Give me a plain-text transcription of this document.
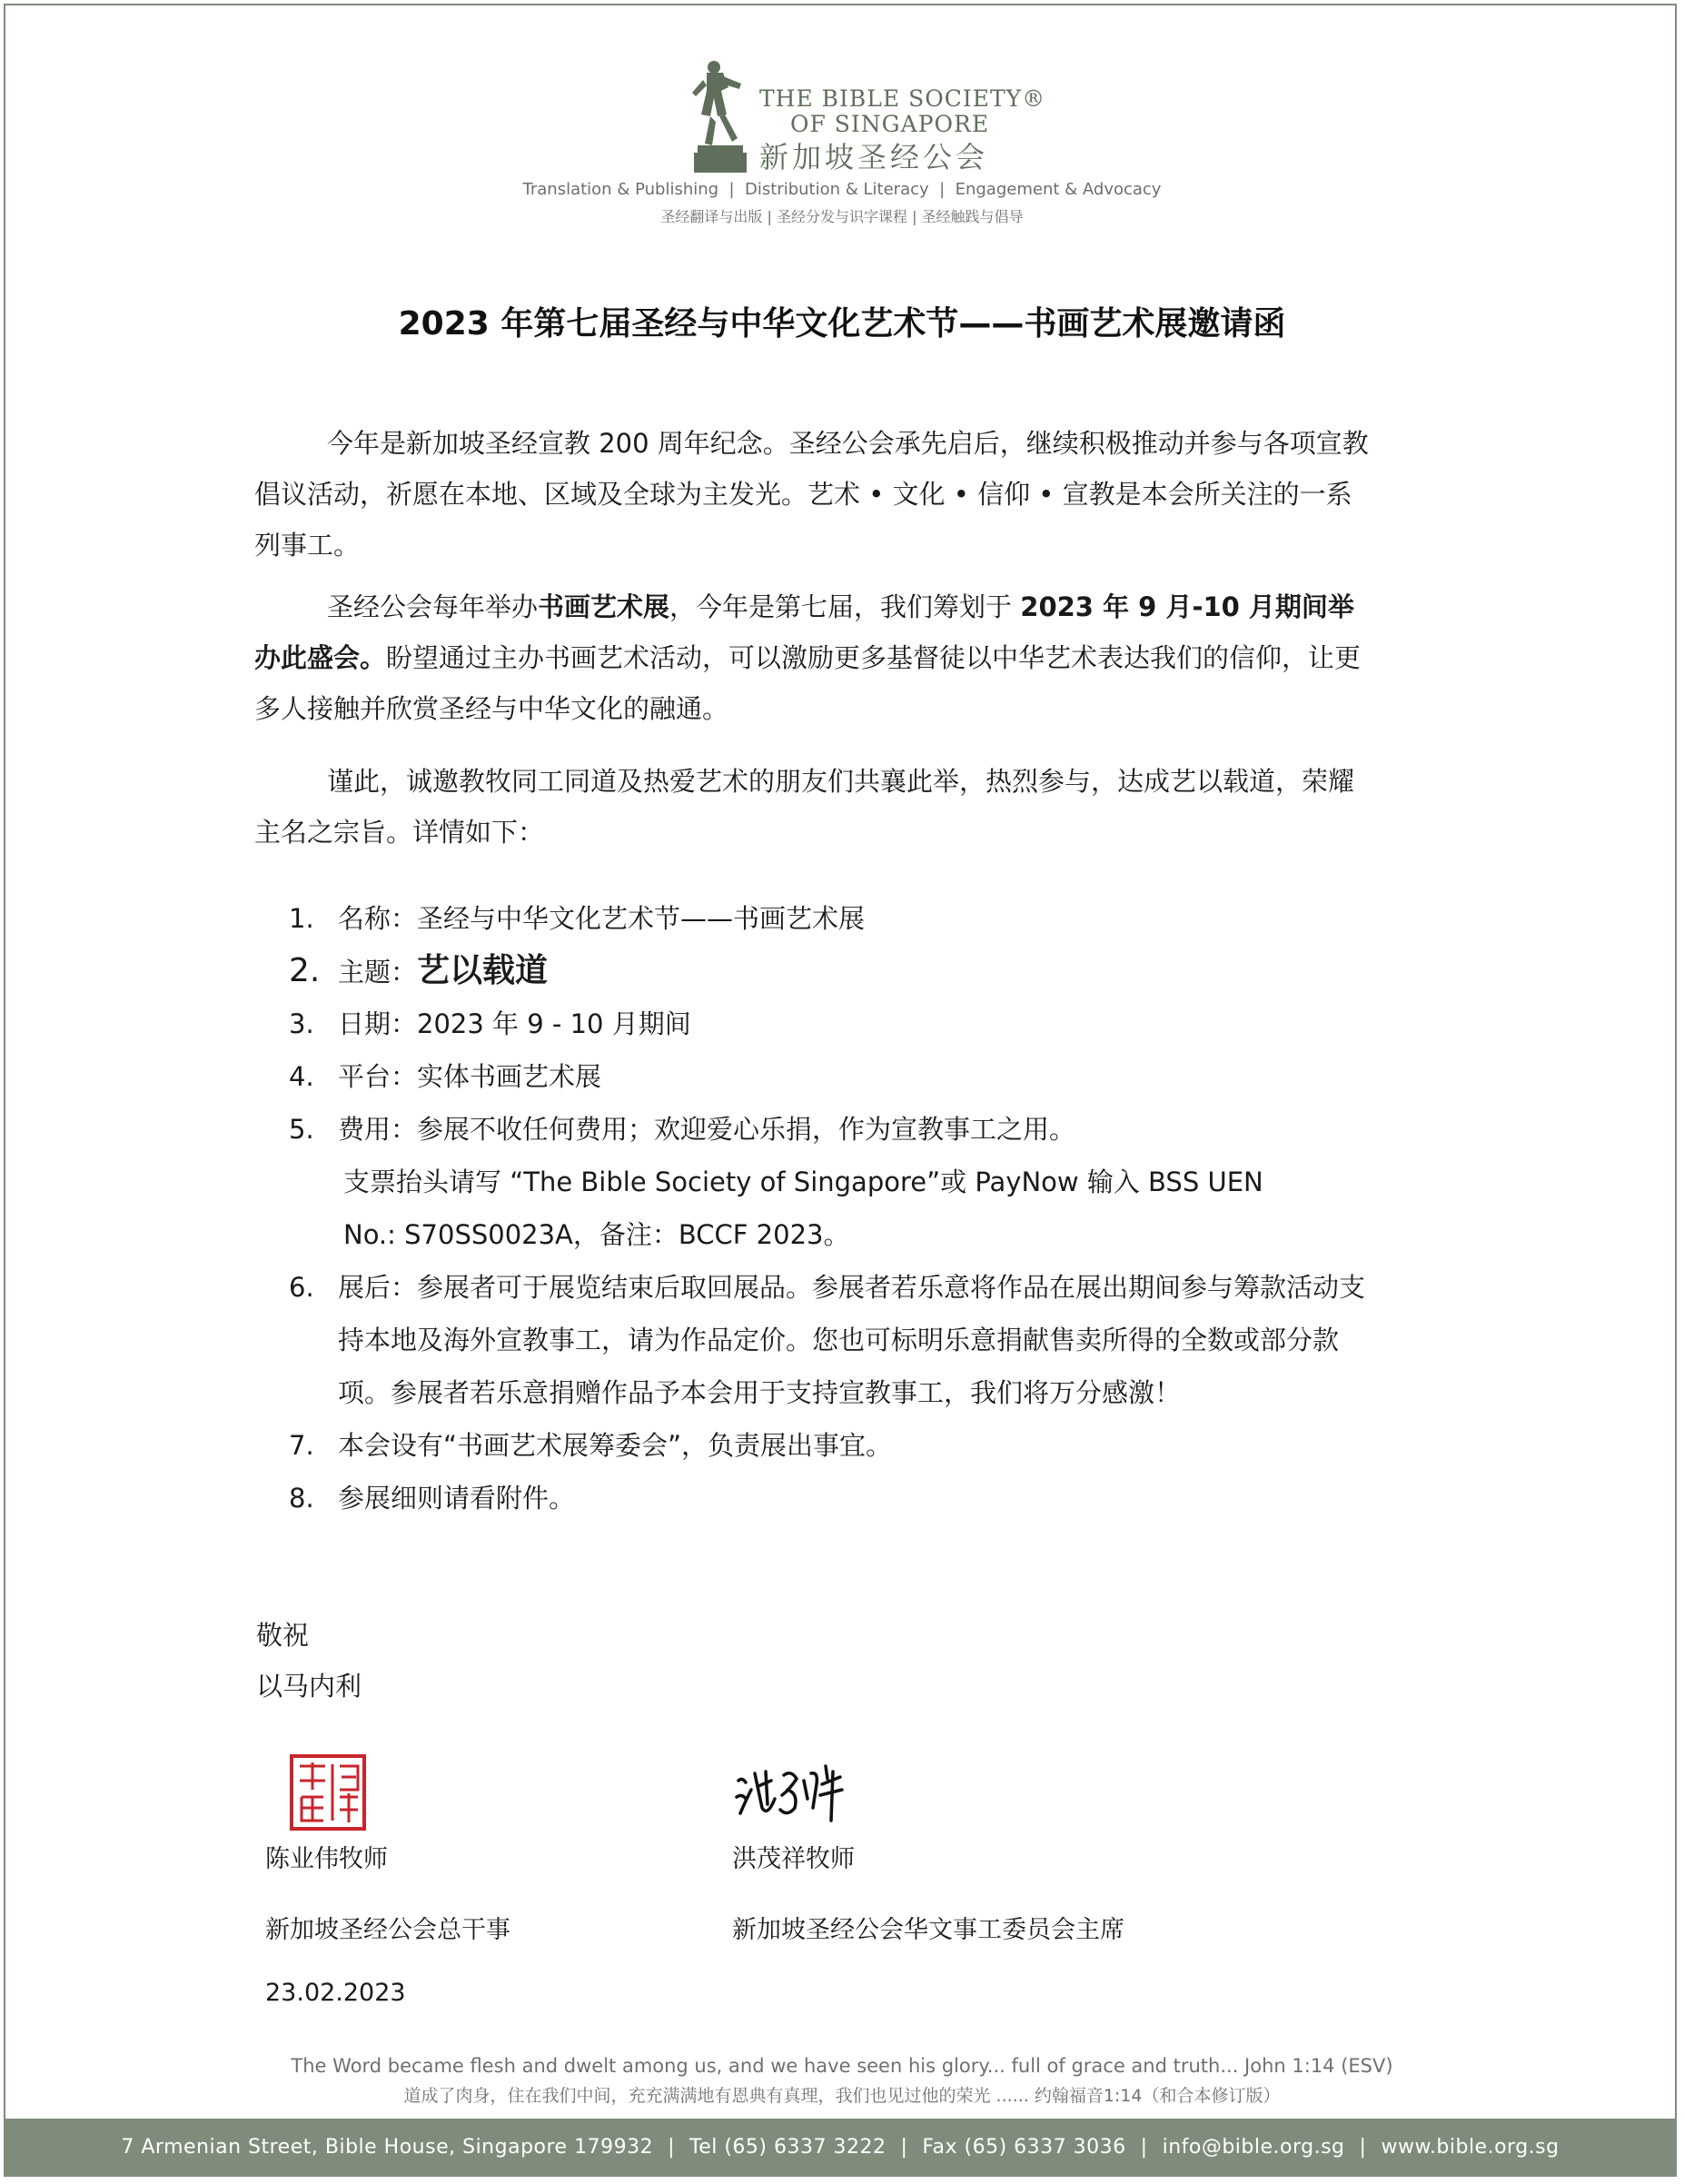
THE BIBLE SOCIETY®
OF SINGAPORE
新加坡圣经公会
Translation & Publishing  |  Distribution & Literacy  |  Engagement & Advocacy
圣经翻译与出版 | 圣经分发与识字课程 | 圣经触践与倡导
2023 年第七届圣经与中华文化艺术节——书画艺术展邀请函
今年是新加坡圣经宣教 200 周年纪念。圣经公会承先启后，继续积极推动并参与各项宣教倡议活动，祈愿在本地、区域及全球为主发光。艺术 • 文化 • 信仰 • 宣教是本会所关注的一系列事工。
圣经公会每年举办书画艺术展，今年是第七届，我们筹划于 2023 年 9 月-10 月期间举办此盛会。盼望通过主办书画艺术活动，可以激励更多基督徒以中华艺术表达我们的信仰，让更多人接触并欣赏圣经与中华文化的融通。
谨此，诚邀教牧同工同道及热爱艺术的朋友们共襄此举，热烈参与，达成艺以载道，荣耀主名之宗旨。详情如下：
1. 名称：圣经与中华文化艺术节——书画艺术展
2. 主题：艺以载道
3. 日期：2023 年 9 - 10 月期间
4. 平台：实体书画艺术展
5. 费用：参展不收任何费用；欢迎爱心乐捐，作为宣教事工之用。
支票抬头请写 “The Bible Society of Singapore”或 PayNow 输入 BSS UEN
No.: S70SS0023A，备注：BCCF 2023。
6. 展后：参展者可于展览结束后取回展品。参展者若乐意将作品在展出期间参与筹款活动支持本地及海外宣教事工，请为作品定价。您也可标明乐意捐献售卖所得的全数或部分款项。参展者若乐意捐赠作品予本会用于支持宣教事工，我们将万分感激！
7. 本会设有“书画艺术展筹委会”，负责展出事宜。
8. 参展细则请看附件。
敬祝
以马内利
陈业伟牧师	洪茂祥牧师
新加坡圣经公会总干事	新加坡圣经公会华文事工委员会主席
23.02.2023
The Word became flesh and dwelt among us, and we have seen his glory... full of grace and truth... John 1:14 (ESV)
道成了肉身，住在我们中间，充充满满地有恩典有真理，我们也见过他的荣光 ...... 约翰福音1:14（和合本修订版）
7 Armenian Street, Bible House, Singapore 179932 | Tel (65) 6337 3222 | Fax (65) 6337 3036 | info@bible.org.sg | www.bible.org.sg
